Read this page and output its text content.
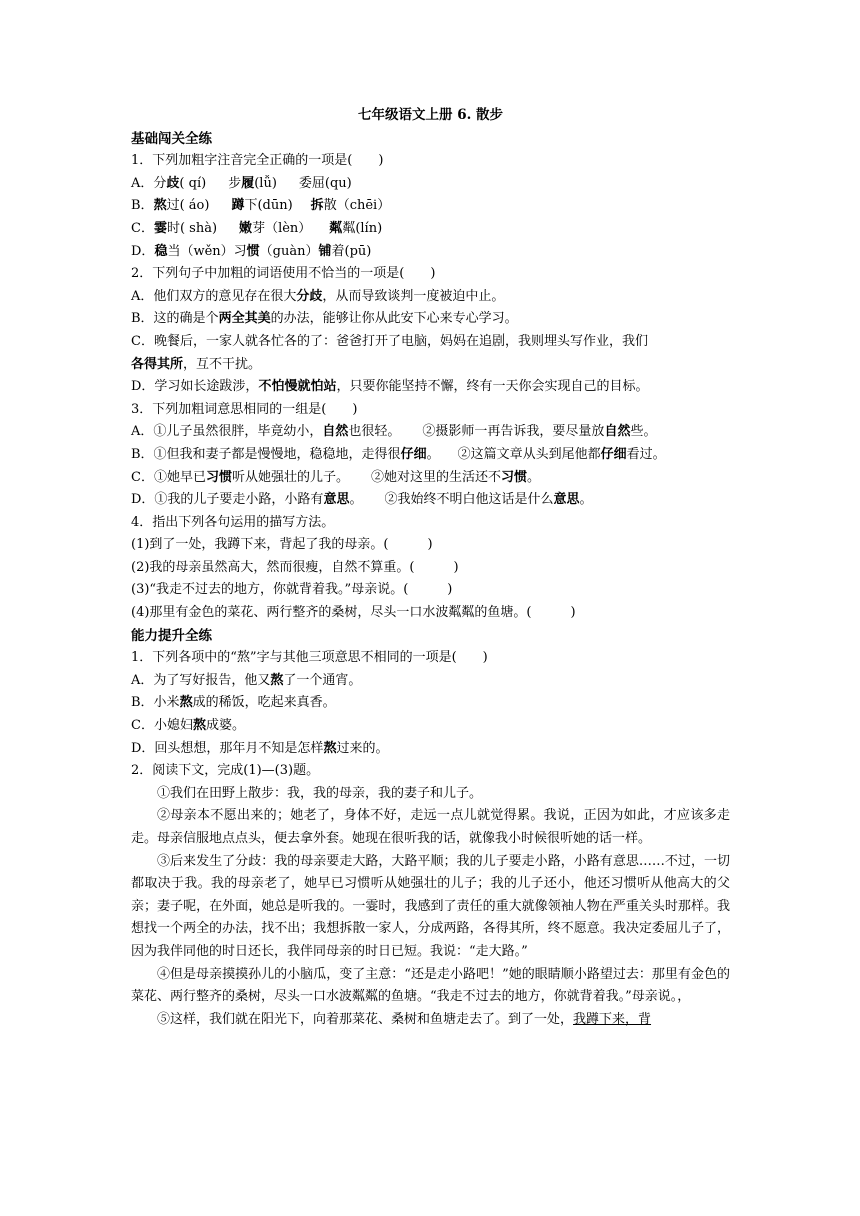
七年级语文上册 6. 散步
基础闯关全练
1．下列加粗字注音完全正确的一项是(　　)
A．分歧( qí) 步履(lǚ) 委屈(qu)
B．熬过( áo) 蹲下(dūn) 拆散（chēi）
C．霎时( shà) 嫩芽（lèn） 粼粼(lín)
D．稳当（wěn）习惯（guàn）铺着(pū)
2．下列句子中加粗的词语使用不恰当的一项是(　　)
A．他们双方的意见存在很大分歧，从而导致谈判一度被迫中止。
B．这的确是个两全其美的办法，能够让你从此安下心来专心学习。
C．晚餐后，一家人就各忙各的了：爸爸打开了电脑，妈妈在追剧，我则埋头写作业，我们
各得其所，互不干扰。
D．学习如长途跋涉，不怕慢就怕站，只要你能坚持不懈，终有一天你会实现自己的目标。
3．下列加粗词意思相同的一组是(　　)
A．①儿子虽然很胖，毕竟幼小，自然也很轻。 ②摄影师一再告诉我，要尽量放自然些。
B．①但我和妻子都是慢慢地，稳稳地，走得很仔细。 ②这篇文章从头到尾他都仔细看过。
C．①她早已习惯听从她强壮的儿子。 ②她对这里的生活还不习惯。
D．①我的儿子要走小路，小路有意思。 ②我始终不明白他这话是什么意思。
4．指出下列各句运用的描写方法。
(1)到了一处，我蹲下来，背起了我的母亲。(　　　)
(2)我的母亲虽然高大，然而很瘦，自然不算重。(　　　)
(3)“我走不过去的地方，你就背着我。”母亲说。(　　　)
(4)那里有金色的菜花、两行整齐的桑树，尽头一口水波粼粼的鱼塘。(　　　)
能力提升全练
1．下列各项中的“熬”字与其他三项意思不相同的一项是(　　)
A．为了写好报告，他又熬了一个通宵。
B．小米熬成的稀饭，吃起来真香。
C．小媳妇熬成婆。
D．回头想想，那年月不知是怎样熬过来的。
2．阅读下文，完成(1)—(3)题。
①我们在田野上散步：我，我的母亲，我的妻子和儿子。
②母亲本不愿出来的；她老了，身体不好，走远一点儿就觉得累。我说，正因为如此，才应该多走走。母亲信服地点点头，便去拿外套。她现在很听我的话，就像我小时候很听她的话一样。
③后来发生了分歧：我的母亲要走大路，大路平顺；我的儿子要走小路，小路有意思……不过，一切都取决于我。我的母亲老了，她早已习惯听从她强壮的儿子；我的儿子还小，他还习惯听从他高大的父亲；妻子呢，在外面，她总是听我的。一霎时，我感到了责任的重大就像领袖人物在严重关头时那样。我想找一个两全的办法，找不出；我想拆散一家人，分成两路，各得其所，终不愿意。我决定委屈儿子了，因为我伴同他的时日还长，我伴同母亲的时日已短。我说：“走大路。”
④但是母亲摸摸孙儿的小脑瓜，变了主意：“还是走小路吧！”她的眼睛顺小路望过去：那里有金色的菜花、两行整齐的桑树，尽头一口水波粼粼的鱼塘。“我走不过去的地方，你就背着我。”母亲说。，
⑤这样，我们就在阳光下，向着那菜花、桑树和鱼塘走去了。到了一处，我蹲下来，背
